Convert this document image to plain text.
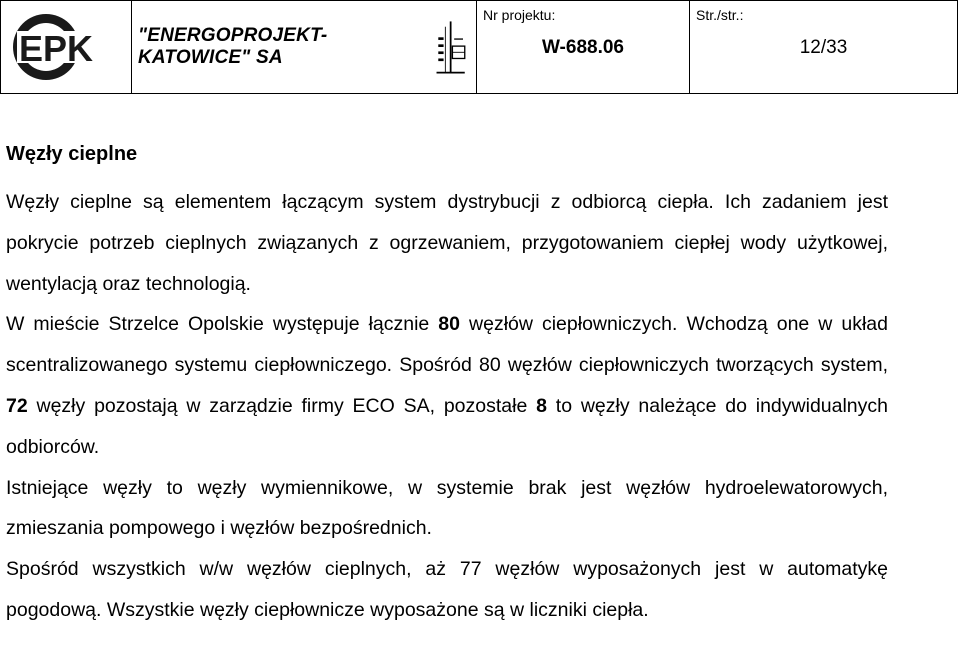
EPK "ENERGOPROJEKT-KATOWICE" SA
Nr projektu:
W-688.06
Str./str.:
12/33
Węzły cieplne

Węzły cieplne są elementem łączącym system dystrybucji z odbiorcą ciepła. Ich zadaniem jest pokrycie potrzeb cieplnych związanych z ogrzewaniem, przygotowaniem ciepłej wody użytkowej, wentylacją oraz technologią.

W mieście Strzelce Opolskie występuje łącznie 80 węzłów ciepłowniczych. Wchodzą one w układ scentralizowanego systemu ciepłowniczego. Spośród 80 węzłów ciepłowniczych tworzących system, 72 węzły pozostają w zarządzie firmy ECO SA, pozostałe 8 to węzły należące do indywidualnych odbiorców.

Istniejące węzły to węzły wymiennikowe, w systemie brak jest węzłów hydroelewatorowych, zmieszania pompowego i węzłów bezpośrednich.

Spośród wszystkich w/w węzłów cieplnych, aż 77 węzłów wyposażonych jest w automatykę pogodową. Wszystkie węzły ciepłownicze wyposażone są w liczniki ciepła.
